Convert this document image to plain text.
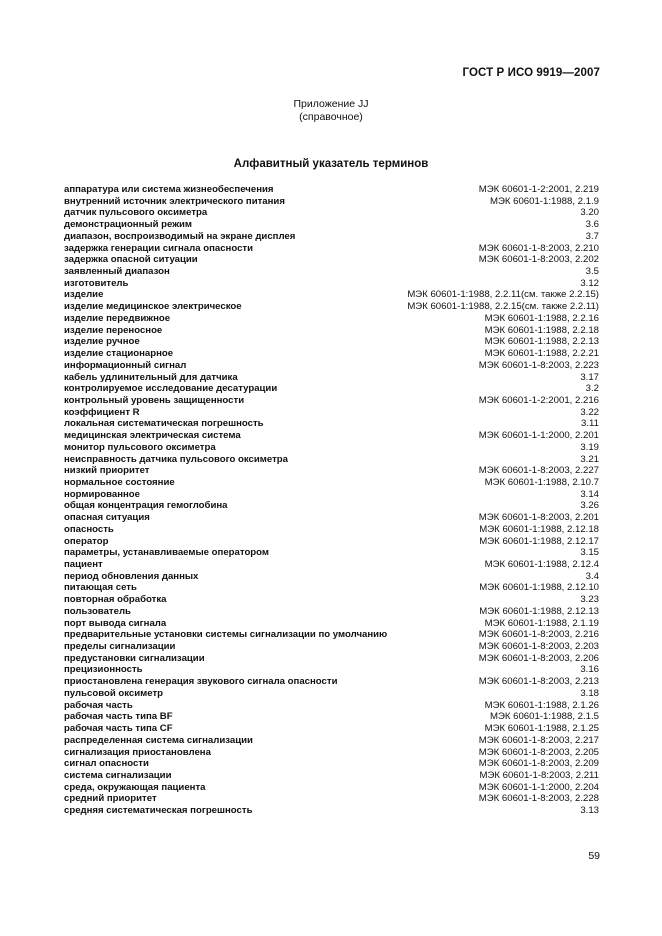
ГОСТ Р ИСО 9919—2007
Приложение JJ
(справочное)
Алфавитный указатель терминов
аппаратура или система жизнеобеспечения	МЭК 60601-1-2:2001, 2.219
внутренний источник электрического питания	МЭК 60601-1:1988, 2.1.9
датчик пульсового оксиметра	3.20
демонстрационный режим	3.6
диапазон, воспроизводимый на экране дисплея	3.7
задержка генерации сигнала опасности	МЭК 60601-1-8:2003, 2.210
задержка опасной ситуации	МЭК 60601-1-8:2003, 2.202
заявленный диапазон	3.5
изготовитель	3.12
изделие	МЭК 60601-1:1988, 2.2.11(см. также 2.2.15)
изделие медицинское электрическое	МЭК 60601-1:1988, 2.2.15(см. также 2.2.11)
изделие передвижное	МЭК 60601-1:1988, 2.2.16
изделие переносное	МЭК 60601-1:1988, 2.2.18
изделие ручное	МЭК 60601-1:1988, 2.2.13
изделие стационарное	МЭК 60601-1:1988, 2.2.21
информационный сигнал	МЭК 60601-1-8:2003, 2.223
кабель удлинительный для датчика	3.17
контролируемое исследование десатурации	3.2
контрольный уровень защищенности	МЭК 60601-1-2:2001, 2.216
коэффициент R	3.22
локальная систематическая погрешность	3.11
медицинская электрическая система	МЭК 60601-1-1:2000, 2.201
монитор пульсового оксиметра	3.19
неисправность датчика пульсового оксиметра	3.21
низкий приоритет	МЭК 60601-1-8:2003, 2.227
нормальное состояние	МЭК 60601-1:1988, 2.10.7
нормированное	3.14
общая концентрация гемоглобина	3.26
опасная ситуация	МЭК 60601-1-8:2003, 2.201
опасность	МЭК 60601-1:1988, 2.12.18
оператор	МЭК 60601-1:1988, 2.12.17
параметры, устанавливаемые оператором	3.15
пациент	МЭК 60601-1:1988, 2.12.4
период обновления данных	3.4
питающая сеть	МЭК 60601-1:1988, 2.12.10
повторная обработка	3.23
пользователь	МЭК 60601-1:1988, 2.12.13
порт вывода сигнала	МЭК 60601-1:1988, 2.1.19
предварительные установки системы сигнализации по умолчанию	МЭК 60601-1-8:2003, 2.216
пределы сигнализации	МЭК 60601-1-8:2003, 2.203
предустановки сигнализации	МЭК 60601-1-8:2003, 2.206
прецизионность	3.16
приостановлена генерация звукового сигнала опасности	МЭК 60601-1-8:2003, 2.213
пульсовой оксиметр	3.18
рабочая часть	МЭК 60601-1:1988, 2.1.26
рабочая часть типа BF	МЭК 60601-1:1988, 2.1.5
рабочая часть типа CF	МЭК 60601-1:1988, 2.1.25
распределенная система сигнализации	МЭК 60601-1-8:2003, 2.217
сигнализация приостановлена	МЭК 60601-1-8:2003, 2.205
сигнал опасности	МЭК 60601-1-8:2003, 2.209
система сигнализации	МЭК 60601-1-8:2003, 2.211
среда, окружающая пациента	МЭК 60601-1-1:2000, 2.204
средний приоритет	МЭК 60601-1-8:2003, 2.228
средняя систематическая погрешность	3.13
59
